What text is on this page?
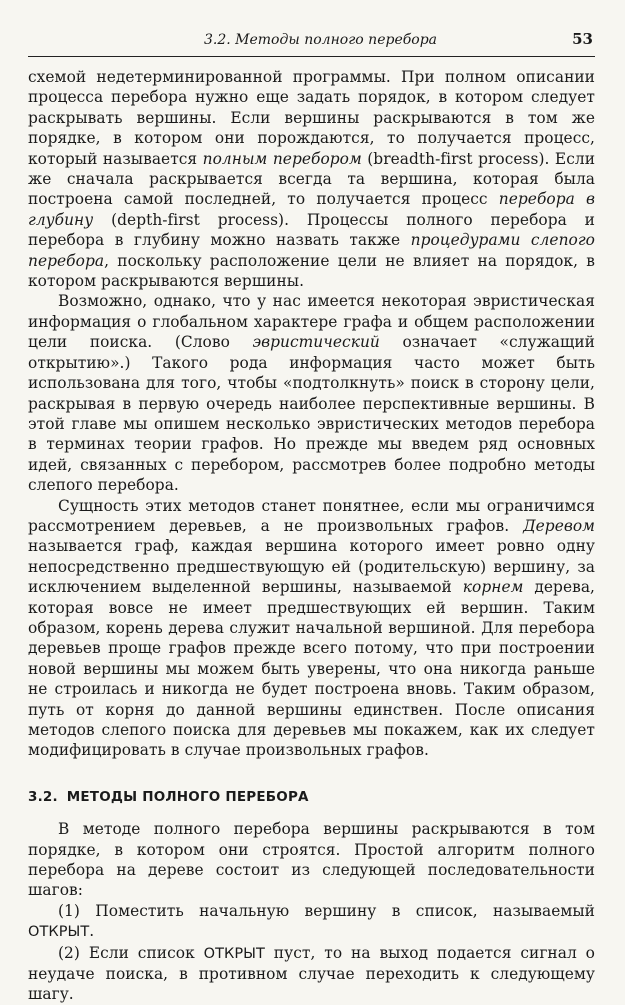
3.2. Методы полного перебора	53

схемой недетерминированной программы. При полном описании процесса перебора нужно еще задать порядок, в котором следует раскрывать вершины. Если вершины раскрываются в том же порядке, в котором они порождаются, то получается процесс, который называется полным перебором (breadth-first process). Если же сначала раскрывается всегда та вершина, которая была построена самой последней, то получается процесс перебора в глубину (depth-first process). Процессы полного перебора и перебора в глубину можно назвать также процедурами слепого перебора, поскольку расположение цели не влияет на порядок, в котором раскрываются вершины.

Возможно, однако, что у нас имеется некоторая эвристическая информация о глобальном характере графа и общем расположении цели поиска. (Слово эвристический означает «служащий открытию».) Такого рода информация часто может быть использована для того, чтобы «подтолкнуть» поиск в сторону цели, раскрывая в первую очередь наиболее перспективные вершины. В этой главе мы опишем несколько эвристических методов перебора в терминах теории графов. Но прежде мы введем ряд основных идей, связанных с перебором, рассмотрев более подробно методы слепого перебора.

Сущность этих методов станет понятнее, если мы ограничимся рассмотрением деревьев, а не произвольных графов. Деревом называется граф, каждая вершина которого имеет ровно одну непосредственно предшествующую ей (родительскую) вершину, за исключением выделенной вершины, называемой корнем дерева, которая вовсе не имеет предшествующих ей вершин. Таким образом, корень дерева служит начальной вершиной. Для перебора деревьев проще графов прежде всего потому, что при построении новой вершины мы можем быть уверены, что она никогда раньше не строилась и никогда не будет построена вновь. Таким образом, путь от корня до данной вершины единствен. После описания методов слепого поиска для деревьев мы покажем, как их следует модифицировать в случае произвольных графов.

3.2. МЕТОДЫ ПОЛНОГО ПЕРЕБОРА

В методе полного перебора вершины раскрываются в том порядке, в котором они строятся. Простой алгоритм полного перебора на дереве состоит из следующей последовательности шагов:

(1) Поместить начальную вершину в список, называемый ОТКРЫТ.

(2) Если список ОТКРЫТ пуст, то на выход подается сигнал о неудаче поиска, в противном случае переходить к следующему шагу.
